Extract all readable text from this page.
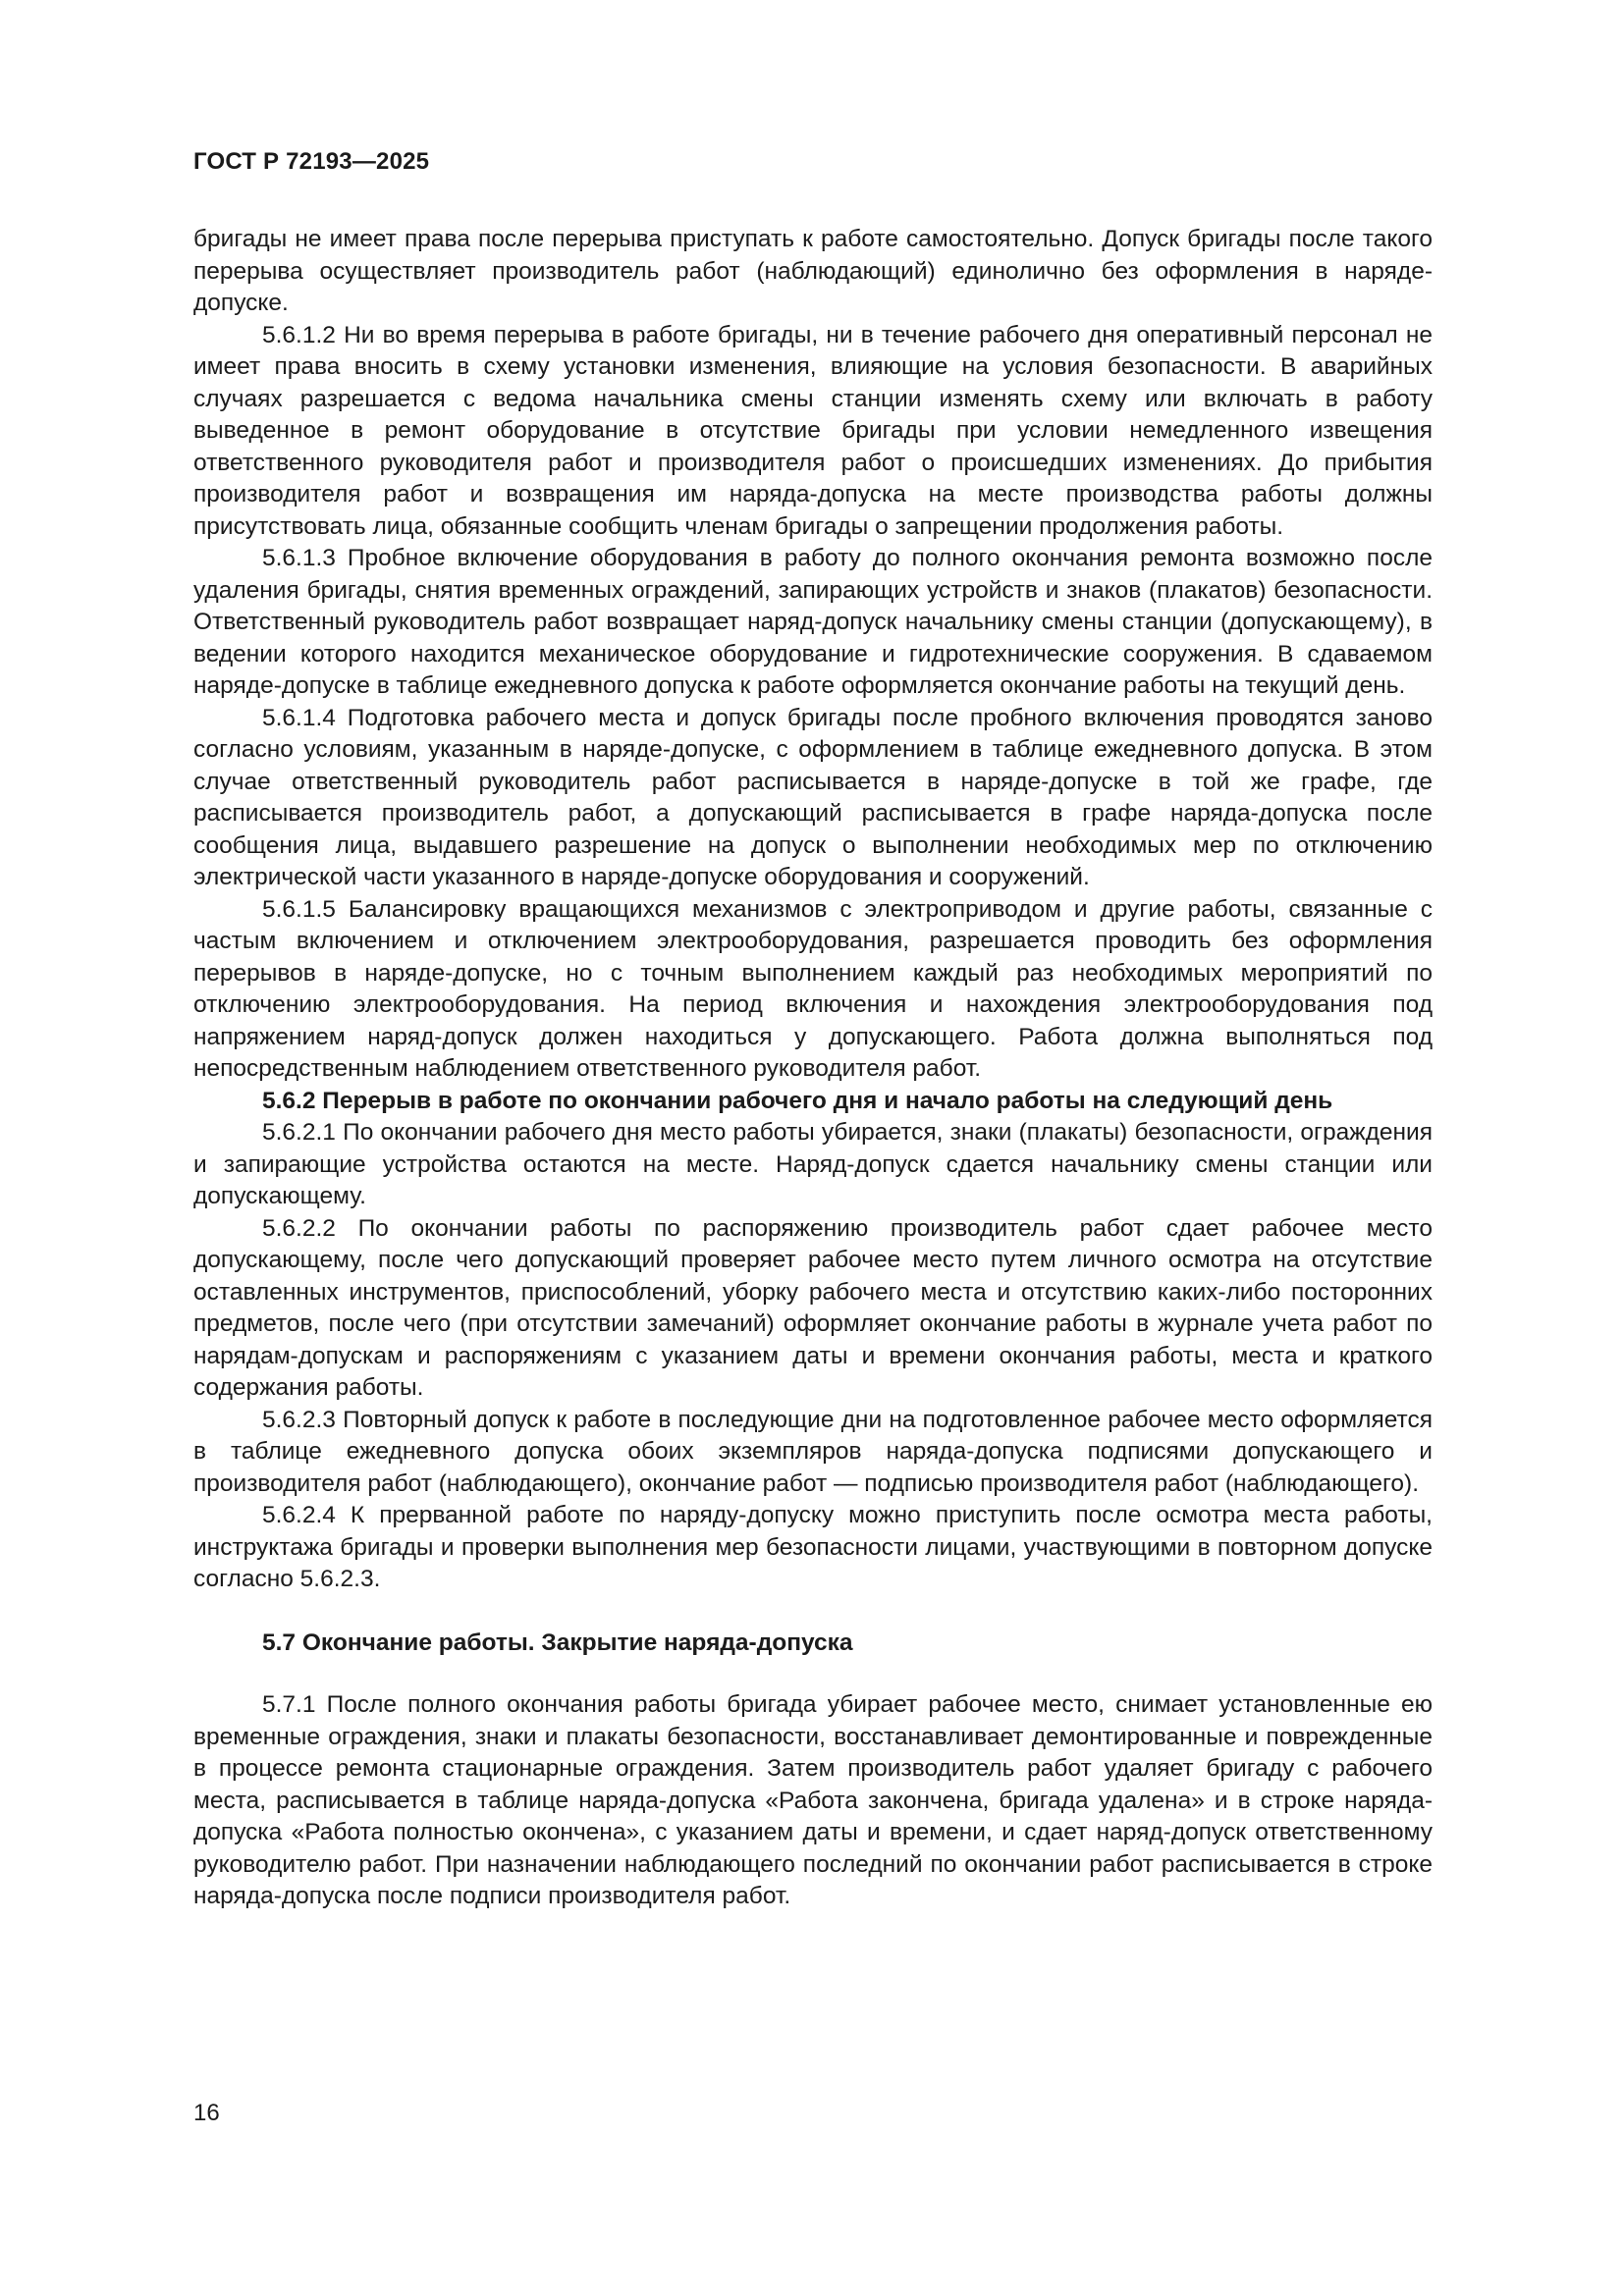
ГОСТ Р 72193—2025

бригады не имеет права после перерыва приступать к работе самостоятельно. Допуск бригады после такого перерыва осуществляет производитель работ (наблюдающий) единолично без оформления в наряде-допуске.

5.6.1.2 Ни во время перерыва в работе бригады, ни в течение рабочего дня оперативный персонал не имеет права вносить в схему установки изменения, влияющие на условия безопасности. В аварийных случаях разрешается с ведома начальника смены станции изменять схему или включать в работу выведенное в ремонт оборудование в отсутствие бригады при условии немедленного извещения ответственного руководителя работ и производителя работ о происшедших изменениях. До прибытия производителя работ и возвращения им наряда-допуска на месте производства работы должны присутствовать лица, обязанные сообщить членам бригады о запрещении продолжения работы.

5.6.1.3 Пробное включение оборудования в работу до полного окончания ремонта возможно после удаления бригады, снятия временных ограждений, запирающих устройств и знаков (плакатов) безопасности. Ответственный руководитель работ возвращает наряд-допуск начальнику смены станции (допускающему), в ведении которого находится механическое оборудование и гидротехнические сооружения. В сдаваемом наряде-допуске в таблице ежедневного допуска к работе оформляется окончание работы на текущий день.

5.6.1.4 Подготовка рабочего места и допуск бригады после пробного включения проводятся заново согласно условиям, указанным в наряде-допуске, с оформлением в таблице ежедневного допуска. В этом случае ответственный руководитель работ расписывается в наряде-допуске в той же графе, где расписывается производитель работ, а допускающий расписывается в графе наряда-допуска после сообщения лица, выдавшего разрешение на допуск о выполнении необходимых мер по отключению электрической части указанного в наряде-допуске оборудования и сооружений.

5.6.1.5 Балансировку вращающихся механизмов с электроприводом и другие работы, связанные с частым включением и отключением электрооборудования, разрешается проводить без оформления перерывов в наряде-допуске, но с точным выполнением каждый раз необходимых мероприятий по отключению электрооборудования. На период включения и нахождения электрооборудования под напряжением наряд-допуск должен находиться у допускающего. Работа должна выполняться под непосредственным наблюдением ответственного руководителя работ.

5.6.2 Перерыв в работе по окончании рабочего дня и начало работы на следующий день

5.6.2.1 По окончании рабочего дня место работы убирается, знаки (плакаты) безопасности, ограждения и запирающие устройства остаются на месте. Наряд-допуск сдается начальнику смены станции или допускающему.

5.6.2.2 По окончании работы по распоряжению производитель работ сдает рабочее место допускающему, после чего допускающий проверяет рабочее место путем личного осмотра на отсутствие оставленных инструментов, приспособлений, уборку рабочего места и отсутствию каких-либо посторонних предметов, после чего (при отсутствии замечаний) оформляет окончание работы в журнале учета работ по нарядам-допускам и распоряжениям с указанием даты и времени окончания работы, места и краткого содержания работы.

5.6.2.3 Повторный допуск к работе в последующие дни на подготовленное рабочее место оформляется в таблице ежедневного допуска обоих экземпляров наряда-допуска подписями допускающего и производителя работ (наблюдающего), окончание работ — подписью производителя работ (наблюдающего).

5.6.2.4 К прерванной работе по наряду-допуску можно приступить после осмотра места работы, инструктажа бригады и проверки выполнения мер безопасности лицами, участвующими в повторном допуске согласно 5.6.2.3.

5.7 Окончание работы. Закрытие наряда-допуска

5.7.1 После полного окончания работы бригада убирает рабочее место, снимает установленные ею временные ограждения, знаки и плакаты безопасности, восстанавливает демонтированные и поврежденные в процессе ремонта стационарные ограждения. Затем производитель работ удаляет бригаду с рабочего места, расписывается в таблице наряда-допуска «Работа закончена, бригада удалена» и в строке наряда-допуска «Работа полностью окончена», с указанием даты и времени, и сдает наряд-допуск ответственному руководителю работ. При назначении наблюдающего последний по окончании работ расписывается в строке наряда-допуска после подписи производителя работ.

16
